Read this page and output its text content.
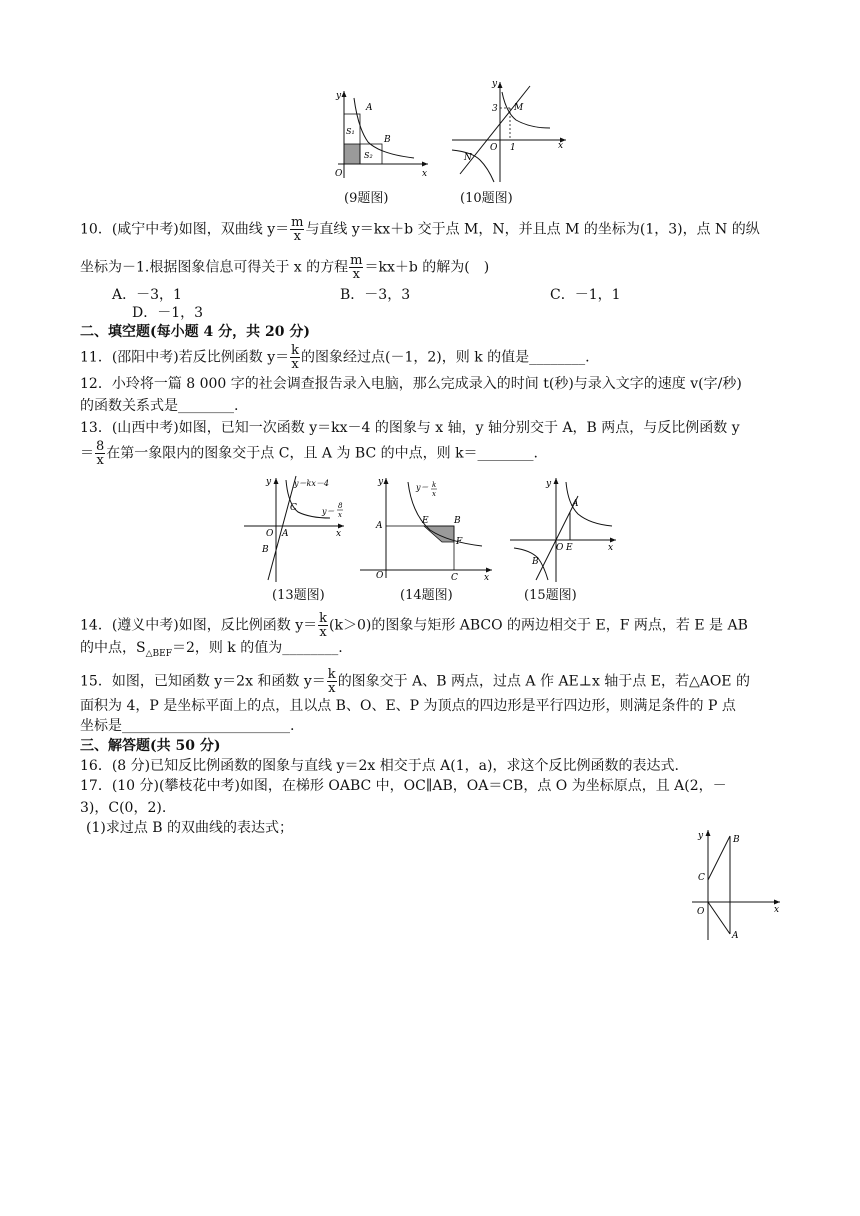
y
A
B
S₁
S₂
O	x
(9题图)
y
3 M
N
O 1	x
(10题图)
10．(咸宁中考)如图，双曲线 $y= \frac{m}{x}$ 与直线 y＝kx＋b 交于点 M，N，并且点 M 的坐标为(1，3)，点 N 的纵
坐标为－1.根据图象信息可得关于 x 的方程 $\frac{m}{x} =kx+b$ 的解为(　)
A．－3，1	B．－3，3	C．－1，1
D．－1，3
二、填空题(每小题 4 分，共 20 分)
11．(邵阳中考)若反比例函数 $y= \frac{k}{x}$ 的图象经过点(－1，2)，则 k 的值是________.
12．小玲将一篇 8 000 字的社会调查报告录入电脑，那么完成录入的时间 t(秒)与录入文字的速度 v(字/秒)
的函数关系式是________.
13．(山西中考)如图，已知一次函数 y＝kx－4 的图象与 x 轴，y 轴分别交于 A，B 两点，与反比例函数 y
＝ $\frac{8}{x}$ 在第一象限内的图象交于点 C，且 A 为 BC 的中点，则 k＝________.
y	y＝kx－4
C	y＝
8
x
O A
B
x
(13题图)
y
y＝ k
x
A	E	B
F
O	C	x
(14题图)
y
A
O E
B
x
(15题图)
14．(遵义中考)如图，反比例函数 $y= \frac{k}{x} (k>0)$的图象与矩形 ABCO 的两边相交于 E，F 两点，若 E 是 AB
的中点，$S_{\triangle BEF}=2$，则 k 的值为________.
15．如图，已知函数 y＝2x 和函数 $y= \frac{k}{x}$ 的图象交于 A、B 两点，过点 A 作 AE⊥x 轴于点 E，若△AOE 的
面积为 4，P 是坐标平面上的点，且以点 B、O、E、P 为顶点的四边形是平行四边形，则满足条件的 P 点
坐标是________________________.
三、解答题(共 50 分)
16．(8 分)已知反比例函数的图象与直线 y＝2x 相交于点 A(1，a)，求这个反比例函数的表达式.
17．(10 分)(攀枝花中考)如图，在梯形 OABC 中，OC∥AB，OA＝CB，点 O 为坐标原点，且 A(2，－
3)，C(0，2).
(1)求过点 B 的双曲线的表达式；	y	B
C
O
A
x
